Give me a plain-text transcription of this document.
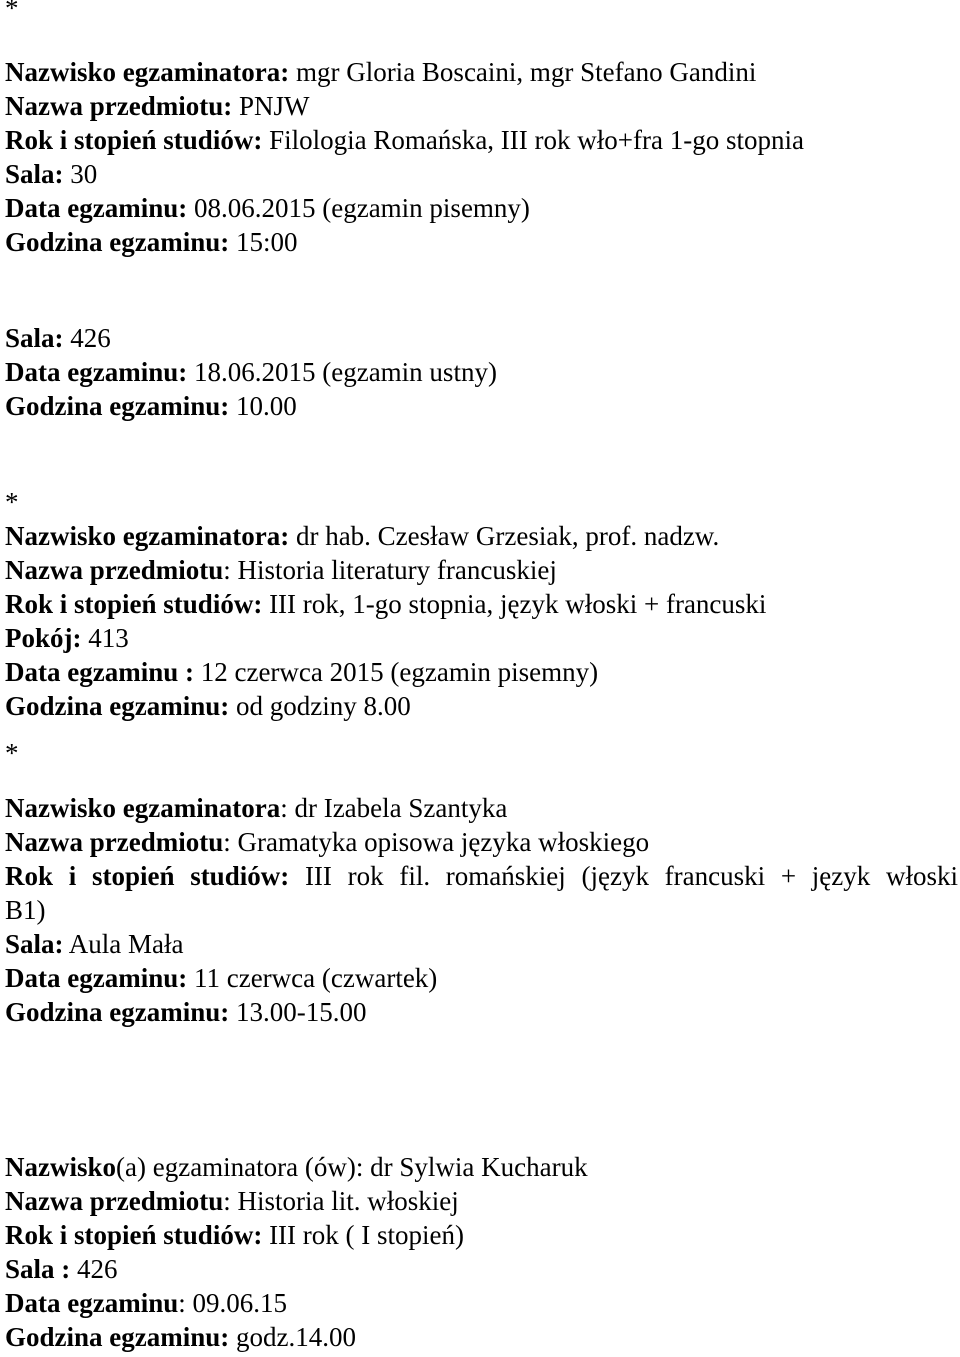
*
Nazwisko egzaminatora: mgr Gloria Boscaini, mgr Stefano Gandini
Nazwa przedmiotu: PNJW
Rok i stopień studiów: Filologia Romańska, III rok wło+fra 1-go stopnia
Sala: 30
Data egzaminu: 08.06.2015 (egzamin pisemny)
Godzina egzaminu: 15:00
Sala: 426
Data egzaminu: 18.06.2015 (egzamin ustny)
Godzina egzaminu: 10.00
*
Nazwisko egzaminatora: dr hab. Czesław Grzesiak, prof. nadzw.
Nazwa przedmiotu: Historia literatury francuskiej
Rok i stopień studiów: III rok, 1-go stopnia, język włoski + francuski
Pokój: 413
Data egzaminu : 12 czerwca 2015 (egzamin pisemny)
Godzina egzaminu: od godziny 8.00
*
Nazwisko egzaminatora: dr Izabela Szantyka
Nazwa przedmiotu: Gramatyka opisowa języka włoskiego
Rok i stopień studiów: III rok fil. romańskiej (język francuski + język włoski
B1)
Sala: Aula Mała
Data egzaminu: 11 czerwca (czwartek)
Godzina egzaminu: 13.00-15.00
Nazwisko(a) egzaminatora (ów): dr Sylwia Kucharuk
Nazwa przedmiotu: Historia lit. włoskiej
Rok i stopień studiów: III rok ( I stopień)
Sala : 426
Data egzaminu: 09.06.15
Godzina egzaminu: godz.14.00
